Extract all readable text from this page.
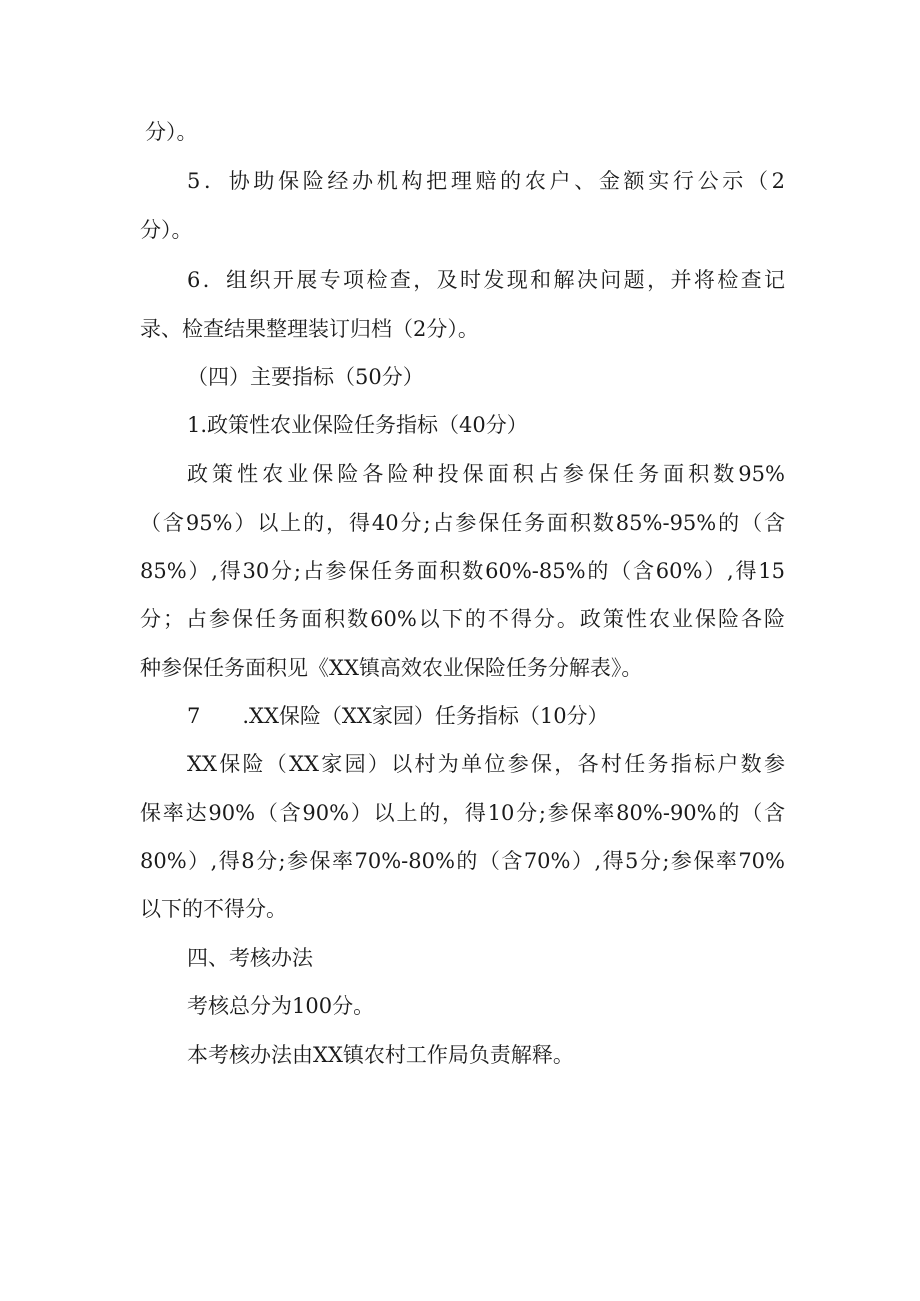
分）。
5．协助保险经办机构把理赔的农户、金额实行公示（2
分）。
6．组织开展专项检查，及时发现和解决问题，并将检查记
录、检查结果整理装订归档（2分）。
（四）主要指标（50分）
1.政策性农业保险任务指标（40分）
政策性农业保险各险种投保面积占参保任务面积数95%
（含95%）以上的，得40分;占参保任务面积数85%-95%的（含
85%）,得30分;占参保任务面积数60%-85%的（含60%）,得15
分；占参保任务面积数60%以下的不得分。政策性农业保险各险
种参保任务面积见《XX镇高效农业保险任务分解表》。
7  .XX保险（XX家园）任务指标（10分）
XX保险（XX家园）以村为单位参保，各村任务指标户数参
保率达90%（含90%）以上的，得10分;参保率80%-90%的（含
80%）,得8分;参保率70%-80%的（含70%）,得5分;参保率70%
以下的不得分。
四、考核办法
考核总分为100分。
本考核办法由XX镇农村工作局负责解释。
